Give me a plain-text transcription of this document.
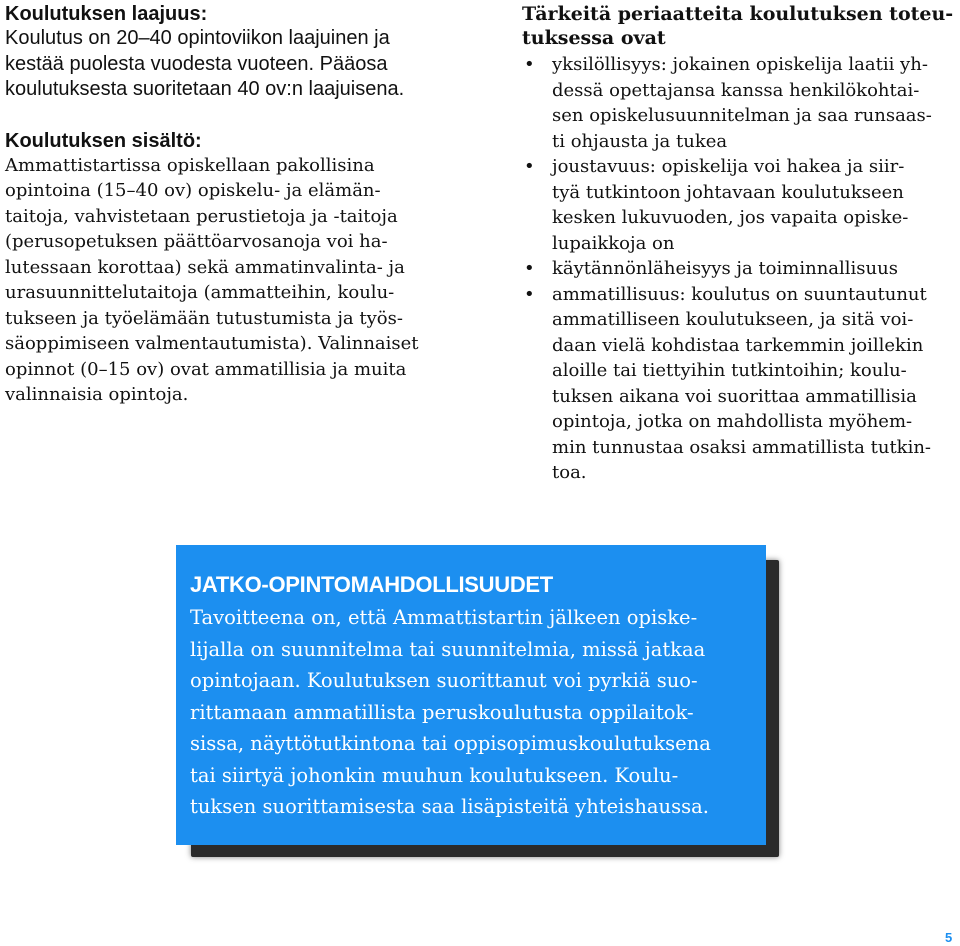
Koulutuksen laajuus:
Koulutus on 20–40 opintoviikon laajuinen ja
kestää puolesta vuodesta vuoteen. Pääosa
koulutuksesta suoritetaan 40 ov:n laajuisena.
Koulutuksen sisältö:
Ammattistartissa opiskellaan pakollisina
opintoina (15–40 ov) opiskelu- ja elämän-
taitoja, vahvistetaan perustietoja ja -taitoja
(perusopetuksen päättöarvosanoja voi ha-
lutessaan korottaa) sekä ammatinvalinta- ja
urasuunnittelutaitoja (ammatteihin, koulu-
tukseen ja työelämään tutustumista ja työs-
säoppimiseen valmentautumista). Valinnaiset
opinnot (0–15 ov) ovat ammatillisia ja muita
valinnaisia opintoja.
Tärkeitä periaatteita koulutuksen toteu-
tuksessa ovat
• yksilöllisyys: jokainen opiskelija laatii yh-
dessä opettajansa kanssa henkilökohtai-
sen opiskelusuunnitelman ja saa runsaas-
ti ohjausta ja tukea
• joustavuus: opiskelija voi hakea ja siir-
tyä tutkintoon johtavaan koulutukseen
kesken lukuvuoden, jos vapaita opiske-
lupaikkoja on
• käytännönläheisyys ja toiminnallisuus
• ammatillisuus: koulutus on suuntautunut
ammatilliseen koulutukseen, ja sitä voi-
daan vielä kohdistaa tarkemmin joillekin
aloille tai tiettyihin tutkintoihin; koulu-
tuksen aikana voi suorittaa ammatillisia
opintoja, jotka on mahdollista myöhem-
min tunnustaa osaksi ammatillista tutkin-
toa.
JATKO-OPINTOMAHDOLLISUUDET
Tavoitteena on, että Ammattistartin jälkeen opiske-
lijalla on suunnitelma tai suunnitelmia, missä jatkaa
opintojaan. Koulutuksen suorittanut voi pyrkiä suo-
rittamaan ammatillista peruskoulutusta oppilaitok-
sissa, näyttötutkintona tai oppisopimuskoulutuksena
tai siirtyä johonkin muuhun koulutukseen. Koulu-
tuksen suorittamisesta saa lisäpisteitä yhteishaussa.
5
